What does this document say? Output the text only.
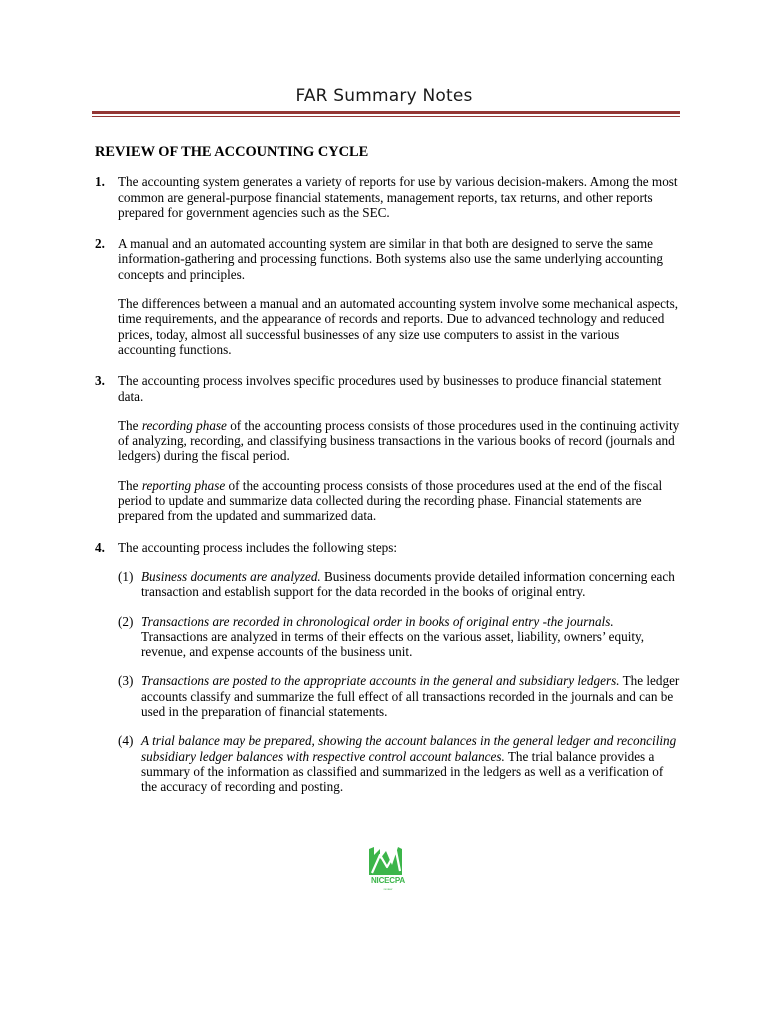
FAR Summary Notes
REVIEW OF THE ACCOUNTING CYCLE
1. The accounting system generates a variety of reports for use by various decision-makers. Among the most common are general-purpose financial statements, management reports, tax returns, and other reports prepared for government agencies such as the SEC.

2. A manual and an automated accounting system are similar in that both are designed to serve the same information-gathering and processing functions. Both systems also use the same underlying accounting concepts and principles.

The differences between a manual and an automated accounting system involve some mechanical aspects, time requirements, and the appearance of records and reports. Due to advanced technology and reduced prices, today, almost all successful businesses of any size use computers to assist in the various accounting functions.

3. The accounting process involves specific procedures used by businesses to produce financial statement data.

The recording phase of the accounting process consists of those procedures used in the continuing activity of analyzing, recording, and classifying business transactions in the various books of record (journals and ledgers) during the fiscal period.

The reporting phase of the accounting process consists of those procedures used at the end of the fiscal period to update and summarize data collected during the recording phase. Financial statements are prepared from the updated and summarized data.

4. The accounting process includes the following steps:

(1) Business documents are analyzed. Business documents provide detailed information concerning each transaction and establish support for the data recorded in the books of original entry.
(2) Transactions are recorded in chronological order in books of original entry -the journals. Transactions are analyzed in terms of their effects on the various asset, liability, owners’ equity, revenue, and expense accounts of the business unit.
(3) Transactions are posted to the appropriate accounts in the general and subsidiary ledgers. The ledger accounts classify and summarize the full effect of all transactions recorded in the journals and can be used in the preparation of financial statements.
(4) A trial balance may be prepared, showing the account balances in the general ledger and reconciling subsidiary ledger balances with respective control account balances. The trial balance provides a summary of the information as classified and summarized in the ledgers as well as a verification of the accuracy of recording and posting.
NICECPA
review
